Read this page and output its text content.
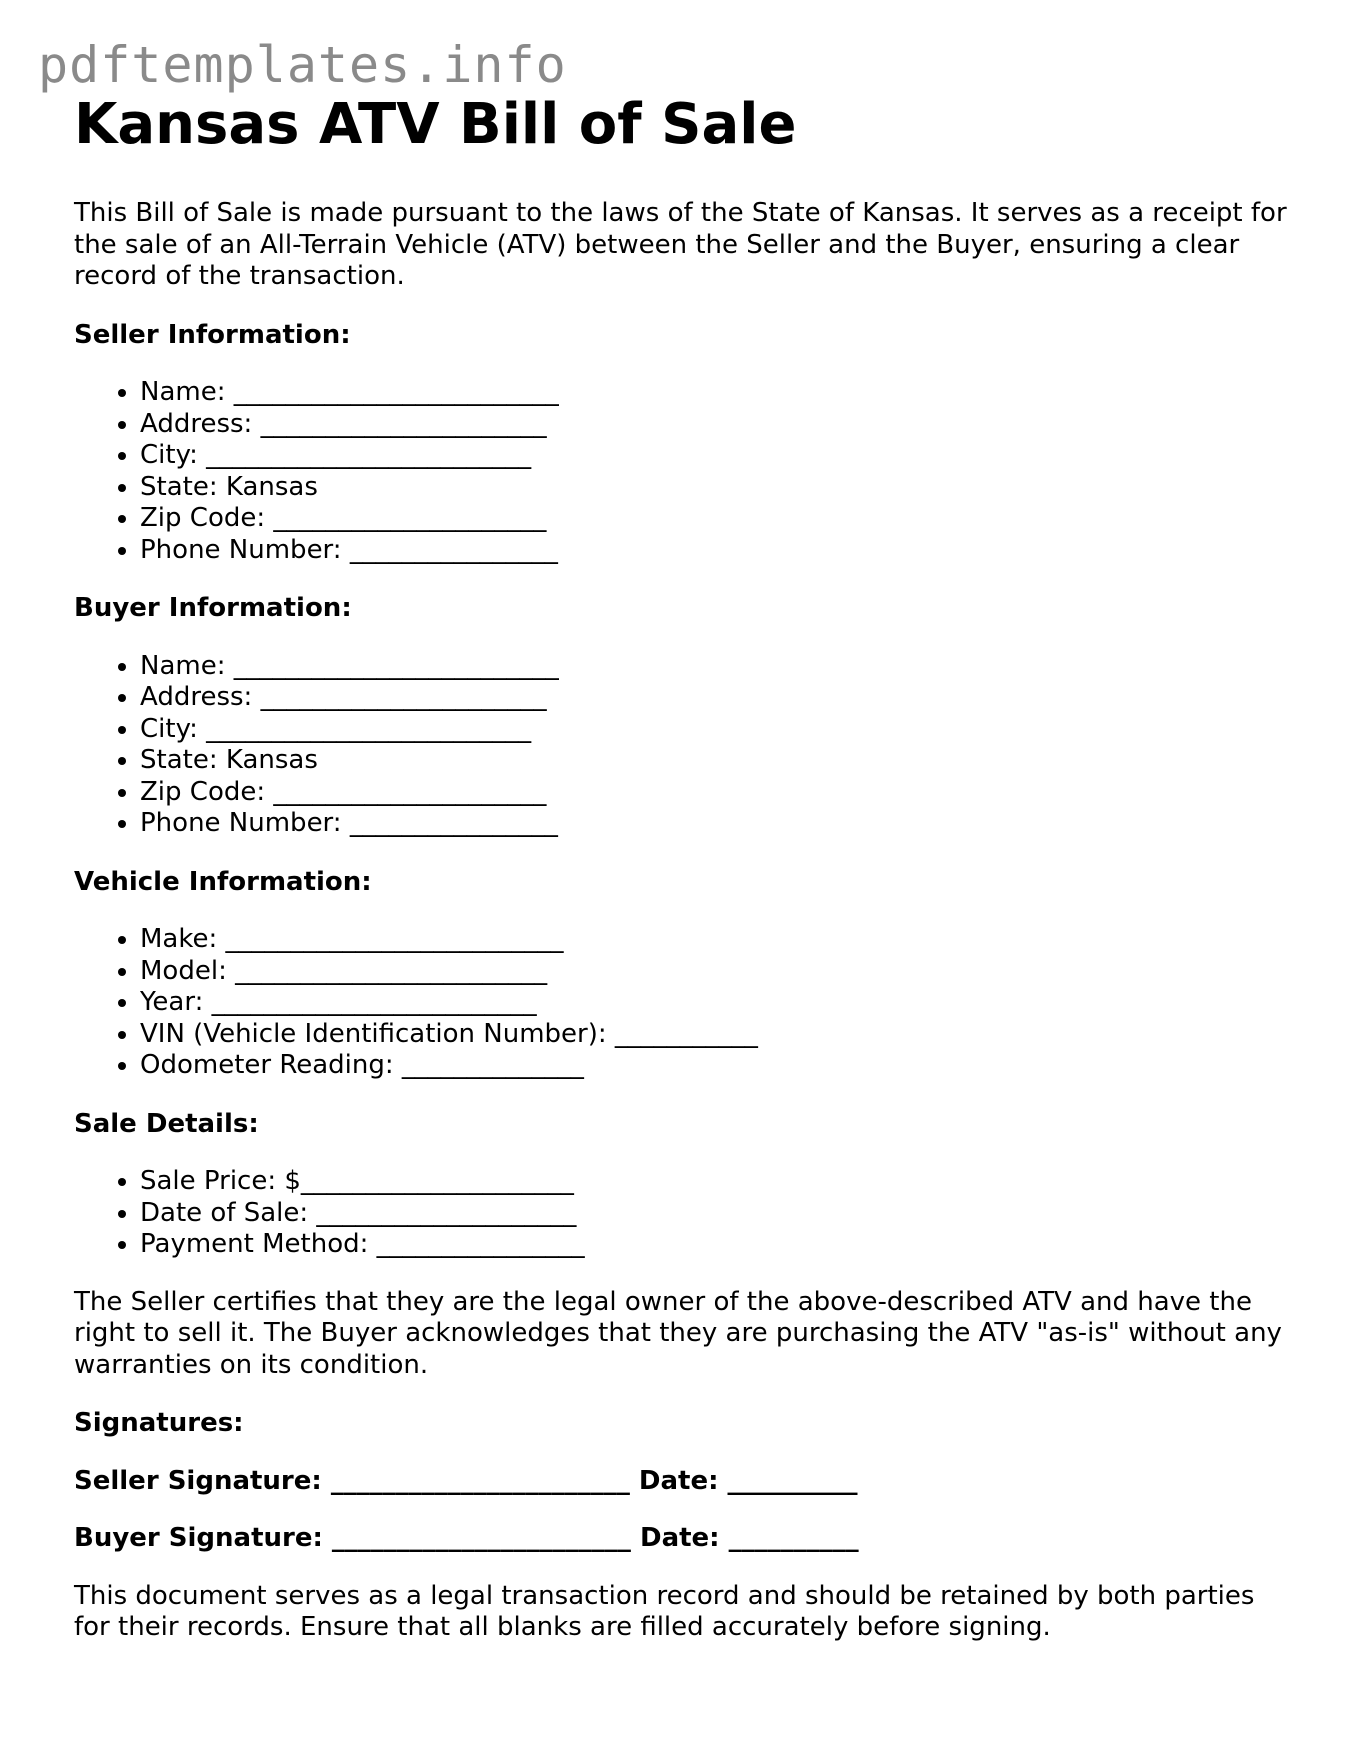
pdftemplates.info
Kansas ATV Bill of Sale

This Bill of Sale is made pursuant to the laws of the State of Kansas. It serves as a receipt for the sale of an All-Terrain Vehicle (ATV) between the Seller and the Buyer, ensuring a clear record of the transaction.

Seller Information:

• Name: _________________________
• Address: ______________________
• City: _________________________
• State: Kansas
• Zip Code: _____________________
• Phone Number: ________________

Buyer Information:

• Name: _________________________
• Address: ______________________
• City: _________________________
• State: Kansas
• Zip Code: _____________________
• Phone Number: ________________

Vehicle Information:

• Make: __________________________
• Model: ________________________
• Year: _________________________
• VIN (Vehicle Identification Number): ___________
• Odometer Reading: ______________

Sale Details:

• Sale Price: $_____________________
• Date of Sale: ____________________
• Payment Method: ________________

The Seller certifies that they are the legal owner of the above-described ATV and have the right to sell it. The Buyer acknowledges that they are purchasing the ATV "as-is" without any warranties on its condition.

Signatures:

Seller Signature: _______________________ Date: __________

Buyer Signature: _______________________ Date: __________

This document serves as a legal transaction record and should be retained by both parties for their records. Ensure that all blanks are filled accurately before signing.
